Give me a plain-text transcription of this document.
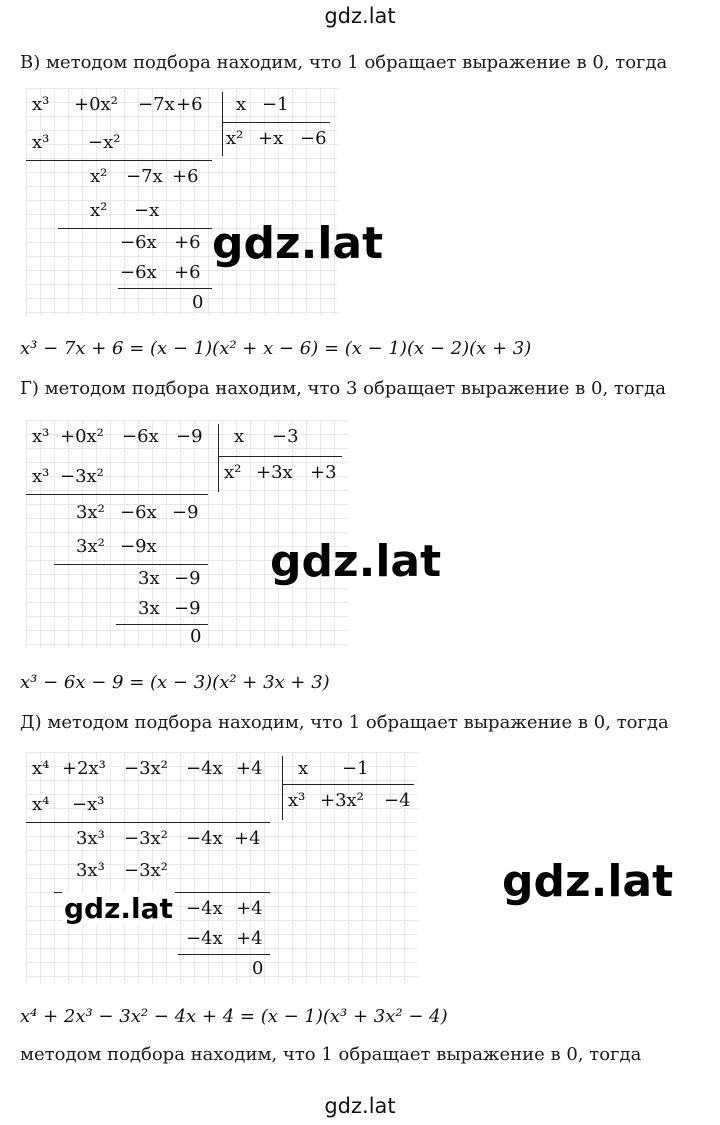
gdz.lat
В) методом подбора находим, что 1 обращает выражение в 0, тогда
x³ +0x² −7x +6 x −1
x² +x −6
x³ −x²
x² −7x +6
x² −x
−6x +6
−6x +6
0
gdz.lat
x³ − 7x + 6 = (x − 1)(x² + x − 6) = (x − 1)(x − 2)(x + 3)
Г) методом подбора находим, что 3 обращает выражение в 0, тогда
x³ +0x² −6x −9 x −3
x² +3x +3
x³ −3x²
3x² −6x −9
3x² −9x
3x −9
3x −9
0
gdz.lat
x³ − 6x − 9 = (x − 3)(x² + 3x + 3)
Д) методом подбора находим, что 1 обращает выражение в 0, тогда
x⁴ +2x³ −3x² −4x +4 x −1
x³ +3x² −4
x⁴ −x³
3x³ −3x² −4x +4
3x³ −3x²
−4x +4
−4x +4
0
gdz.lat
gdz.lat
x⁴ + 2x³ − 3x² − 4x + 4 = (x − 1)(x³ + 3x² − 4)
методом подбора находим, что 1 обращает выражение в 0, тогда
gdz.lat
